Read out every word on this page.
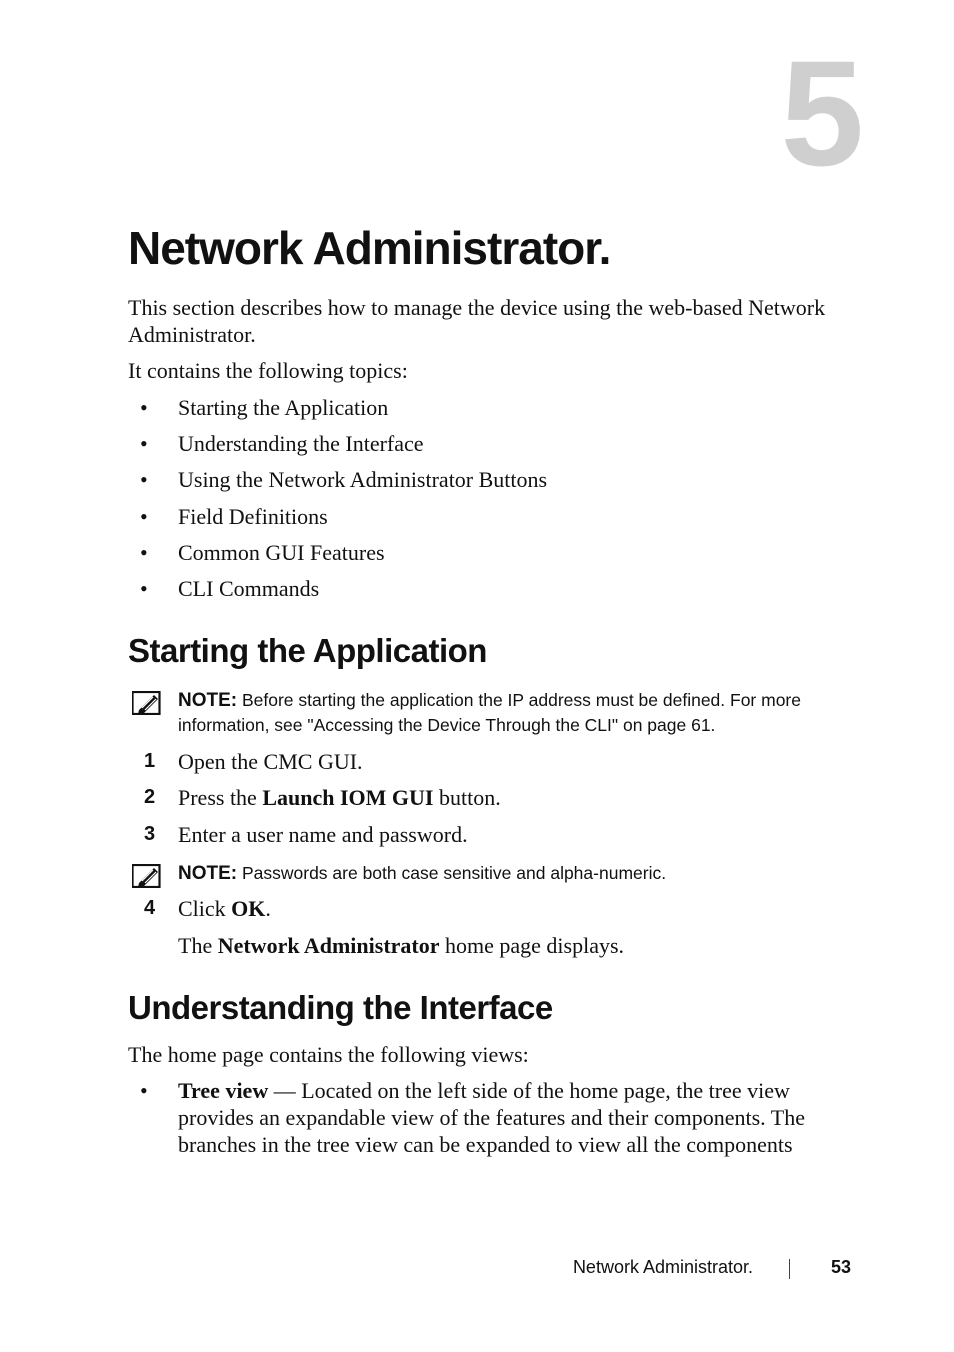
5
Network Administrator.
This section describes how to manage the device using the web-based Network Administrator.
It contains the following topics:
• Starting the Application
• Understanding the Interface
• Using the Network Administrator Buttons
• Field Definitions
• Common GUI Features
• CLI Commands
Starting the Application
NOTE: Before starting the application the IP address must be defined. For more information, see "Accessing the Device Through the CLI" on page 61.
1 Open the CMC GUI.
2 Press the Launch IOM GUI button.
3 Enter a user name and password.
NOTE: Passwords are both case sensitive and alpha-numeric.
4 Click OK.
The Network Administrator home page displays.
Understanding the Interface
The home page contains the following views:
• Tree view — Located on the left side of the home page, the tree view provides an expandable view of the features and their components. The branches in the tree view can be expanded to view all the components
Network Administrator.	53
